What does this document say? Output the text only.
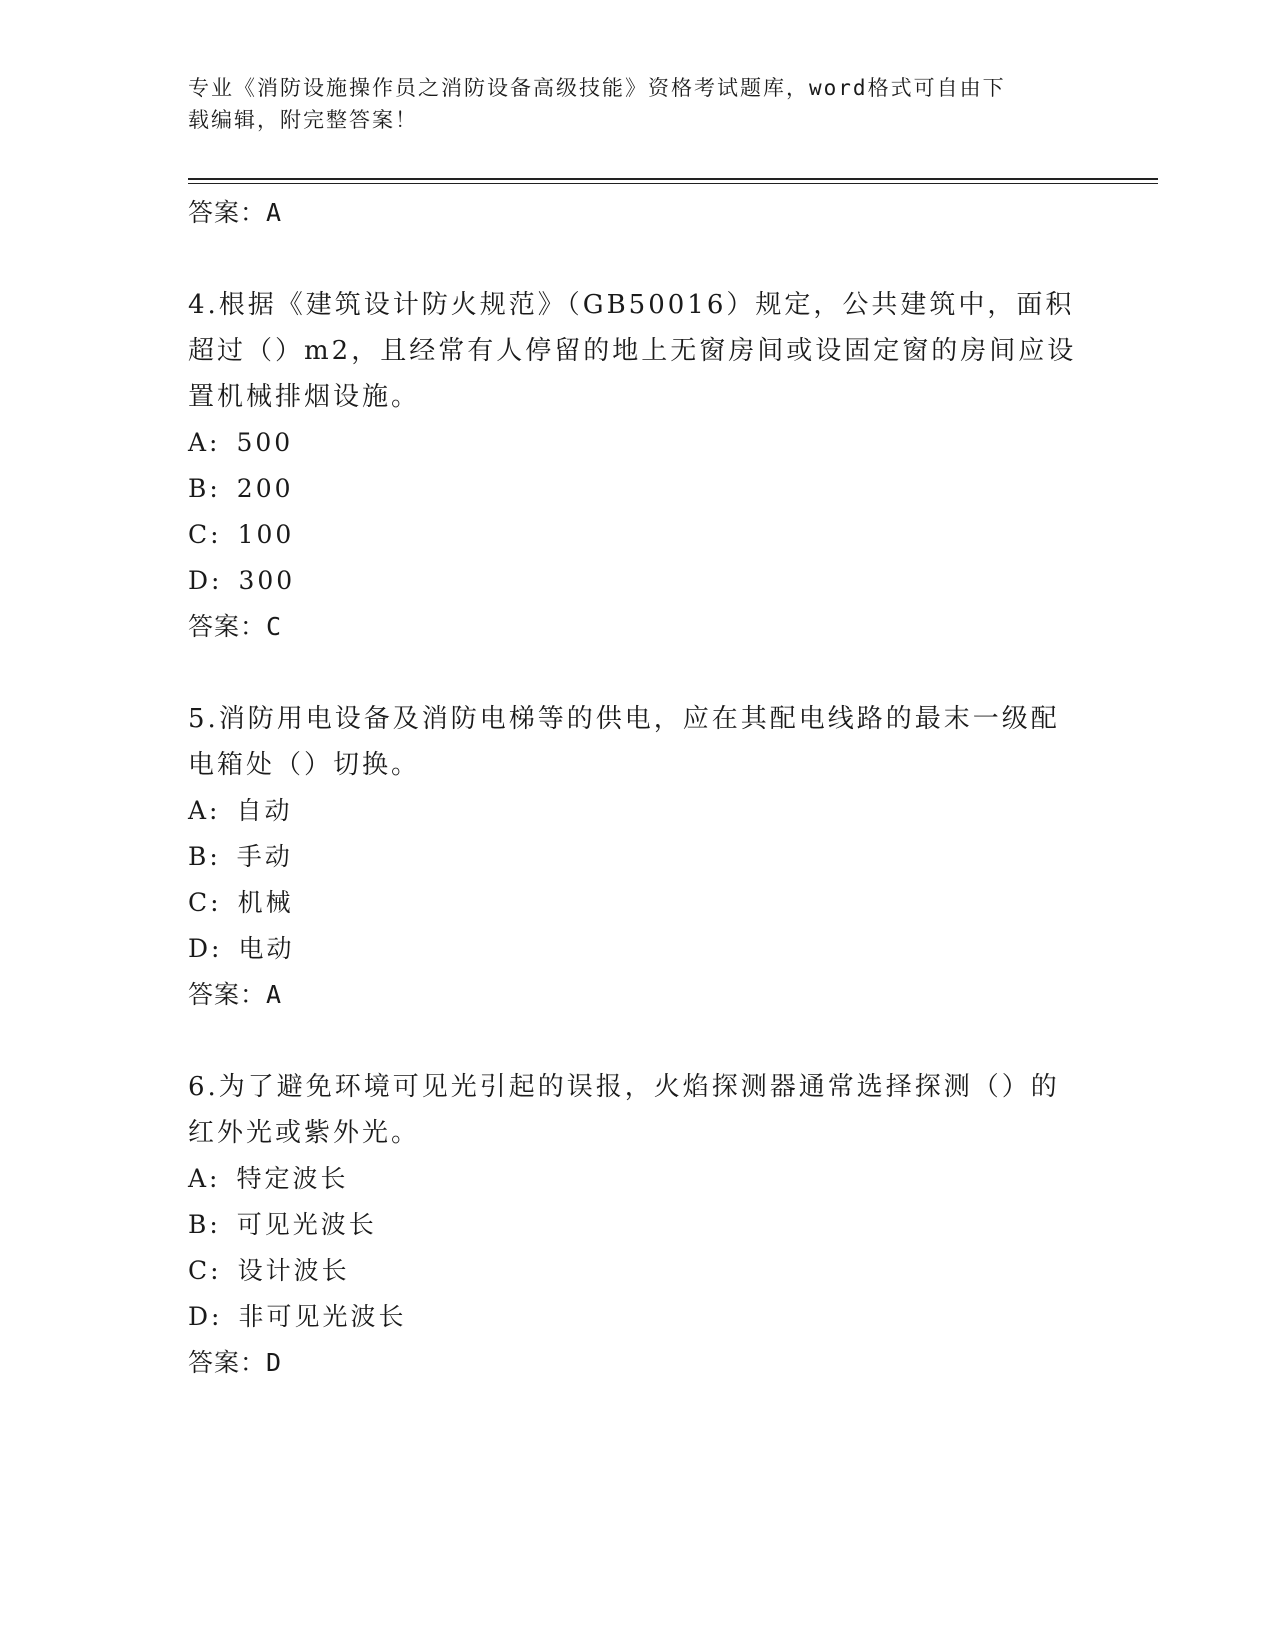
专业《消防设施操作员之消防设备高级技能》资格考试题库，word格式可自由下
载编辑，附完整答案！
答案：A
4.根据《建筑设计防火规范》（GB50016）规定，公共建筑中，面积超过（）m2，且经常有人停留的地上无窗房间或设固定窗的房间应设置机械排烟设施。
A: 500
B: 200
C: 100
D: 300
答案：C
5.消防用电设备及消防电梯等的供电，应在其配电线路的最末一级配电箱处（）切换。
A: 自动
B: 手动
C: 机械
D: 电动
答案：A
6.为了避免环境可见光引起的误报，火焰探测器通常选择探测（）的红外光或紫外光。
A: 特定波长
B: 可见光波长
C: 设计波长
D: 非可见光波长
答案：D
